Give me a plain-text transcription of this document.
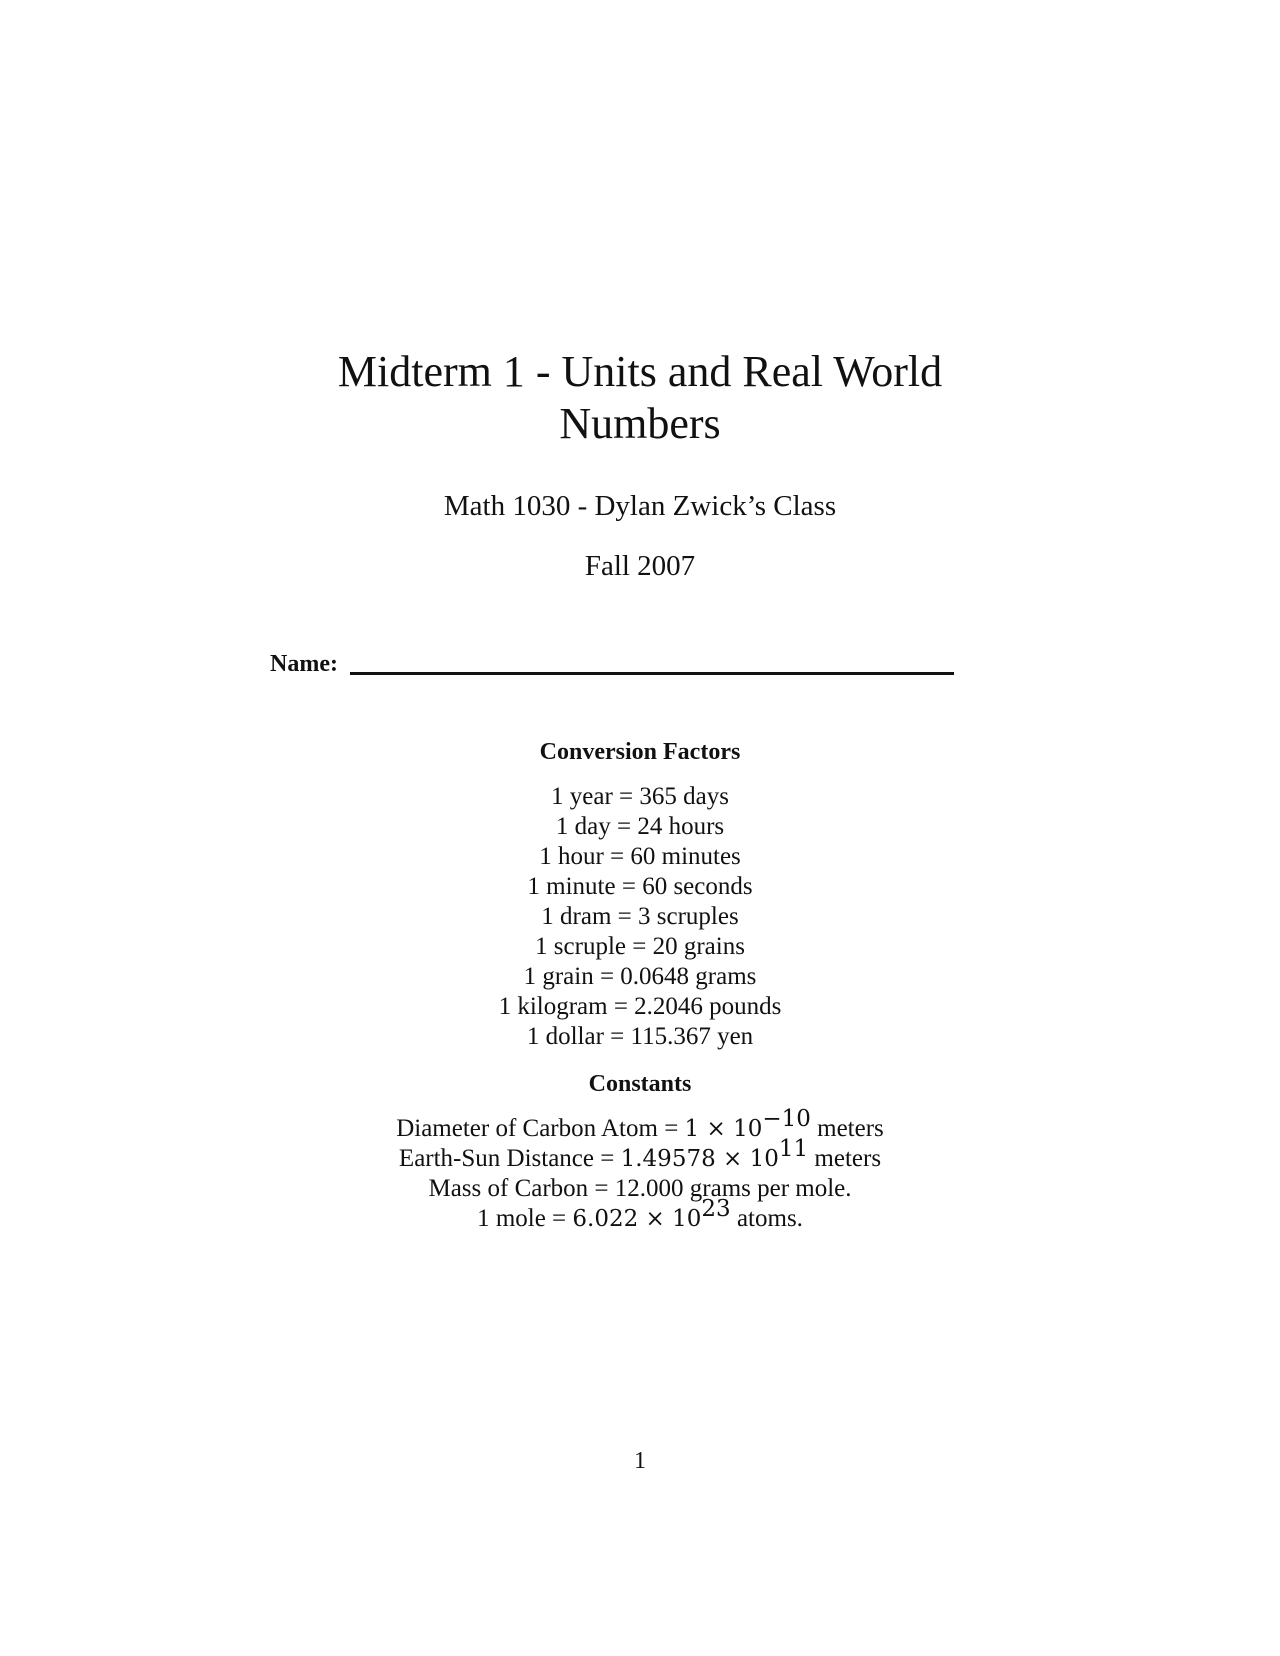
Midterm 1 - Units and Real World
Numbers
Math 1030 - Dylan Zwick’s Class
Fall 2007
Name:
Conversion Factors
1 year = 365 days
1 day = 24 hours
1 hour = 60 minutes
1 minute = 60 seconds
1 dram = 3 scruples
1 scruple = 20 grains
1 grain = 0.0648 grams
1 kilogram = 2.2046 pounds
1 dollar = 115.367 yen
Constants
Diameter of Carbon Atom = $1 \times 10^{-10}$ meters
Earth-Sun Distance = $1.49578 \times 10^{11}$ meters
Mass of Carbon = 12.000 grams per mole.
1 mole = $6.022 \times 10^{23}$ atoms.
1
